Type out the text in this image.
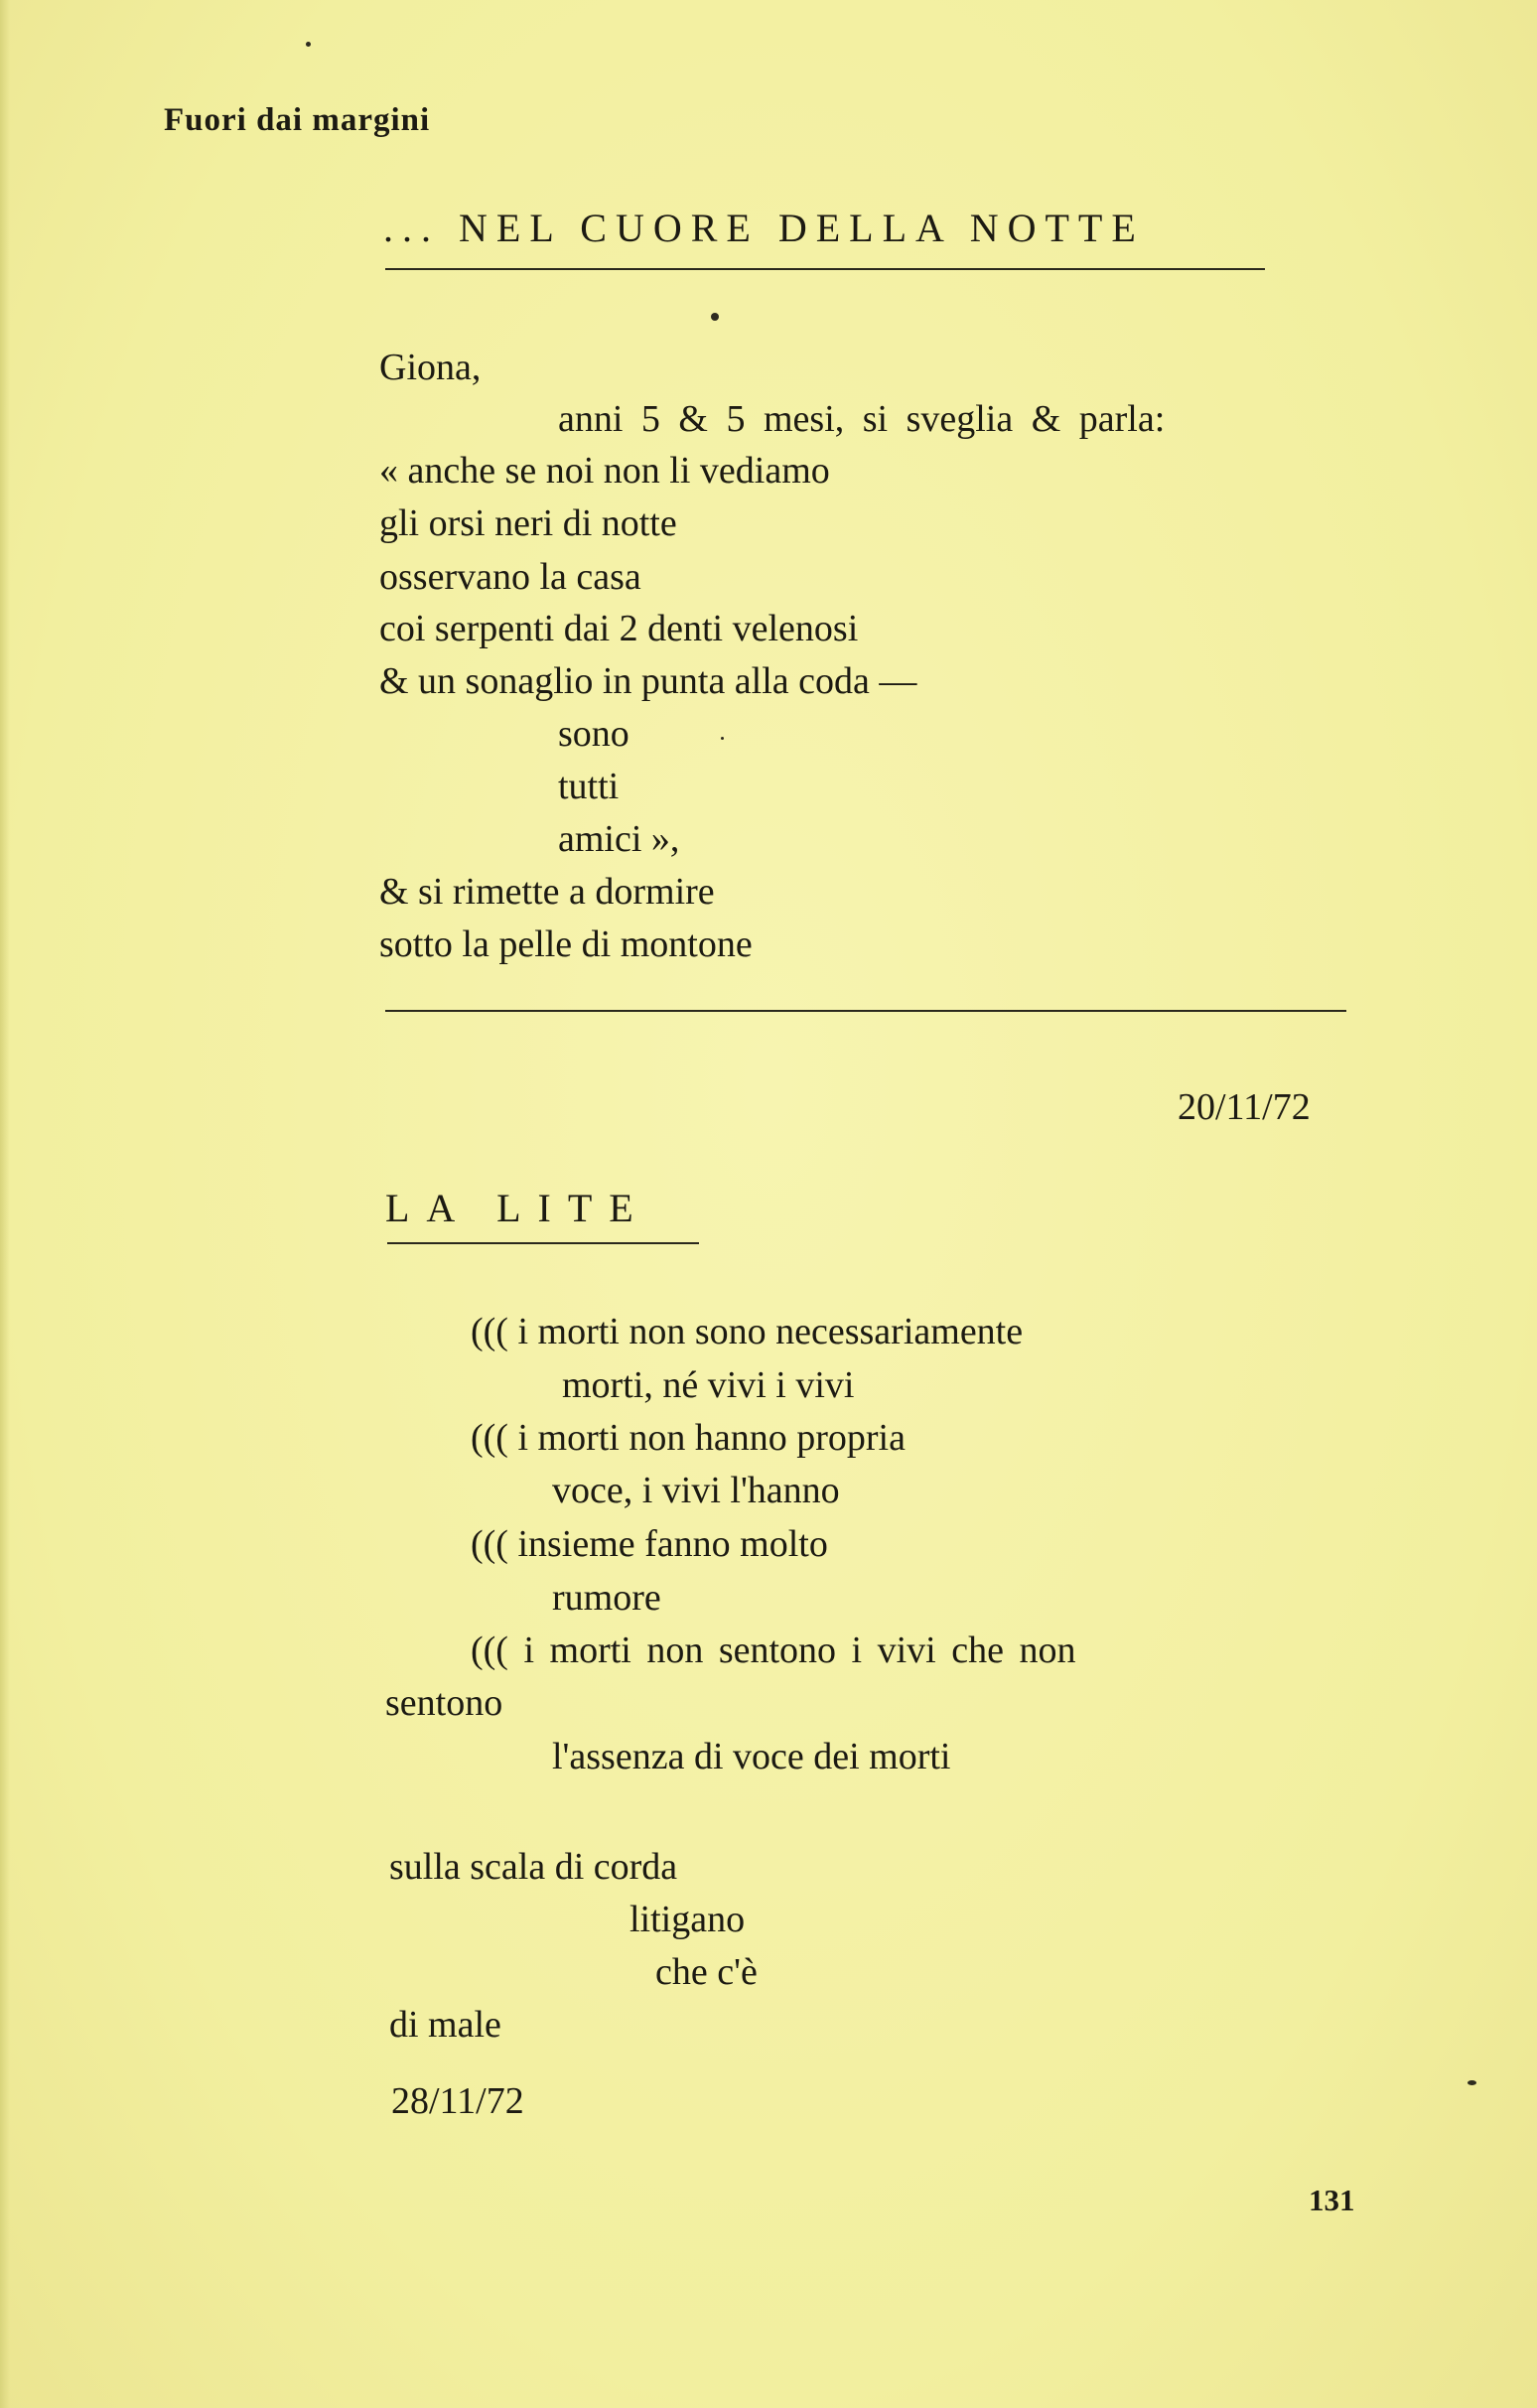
Fuori dai margini
... NEL CUORE DELLA NOTTE
Giona,
anni 5 & 5 mesi, si sveglia & parla:
« anche se noi non li vediamo
gli orsi neri di notte
osservano la casa
coi serpenti dai 2 denti velenosi
& un sonaglio in punta alla coda —
sono
tutti
amici »,
& si rimette a dormire
sotto la pelle di montone
20/11/72
LA LITE
((( i morti non sono necessariamente
morti, né vivi i vivi
((( i morti non hanno propria
voce, i vivi l'hanno
((( insieme fanno molto
rumore
((( i morti non sentono i vivi che non
sentono
l'assenza di voce dei morti
sulla scala di corda
litigano
che c'è
di male
28/11/72
131
